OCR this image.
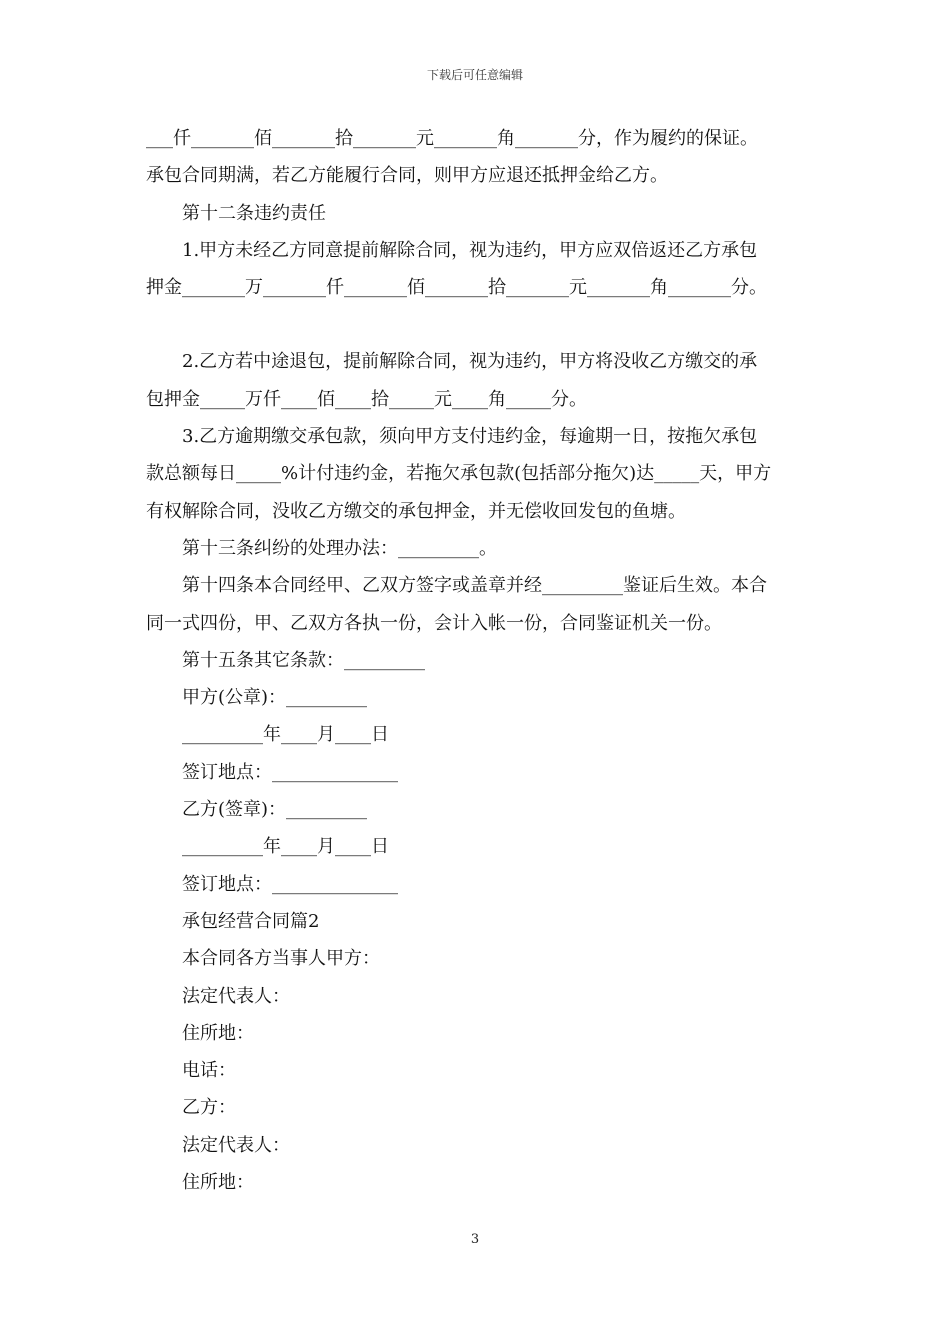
下载后可任意编辑

___仟_______佰_______拾_______元_______角_______分，作为履约的保证。

承包合同期满，若乙方能履行合同，则甲方应退还抵押金给乙方。

第十二条违约责任

1.甲方未经乙方同意提前解除合同，视为违约，甲方应双倍返还乙方承包

押金_______万_______仟_______佰_______拾_______元_______角_______分。

2.乙方若中途退包，提前解除合同，视为违约，甲方将没收乙方缴交的承

包押金_____万仟____佰____拾_____元____角_____分。

3.乙方逾期缴交承包款，须向甲方支付违约金，每逾期一日，按拖欠承包

款总额每日_____%计付违约金，若拖欠承包款(包括部分拖欠)达_____天，甲方

有权解除合同，没收乙方缴交的承包押金，并无偿收回发包的鱼塘。

第十三条纠纷的处理办法：_________。

第十四条本合同经甲、乙双方签字或盖章并经_________鉴证后生效。本合

同一式四份，甲、乙双方各执一份，会计入帐一份，合同鉴证机关一份。

第十五条其它条款：_________

甲方(公章)：_________

_________年____月____日

签订地点：______________

乙方(签章)：_________

_________年____月____日

签订地点：______________

承包经营合同篇2

本合同各方当事人甲方：

法定代表人：

住所地：

电话：

乙方：

法定代表人：

住所地：

3
